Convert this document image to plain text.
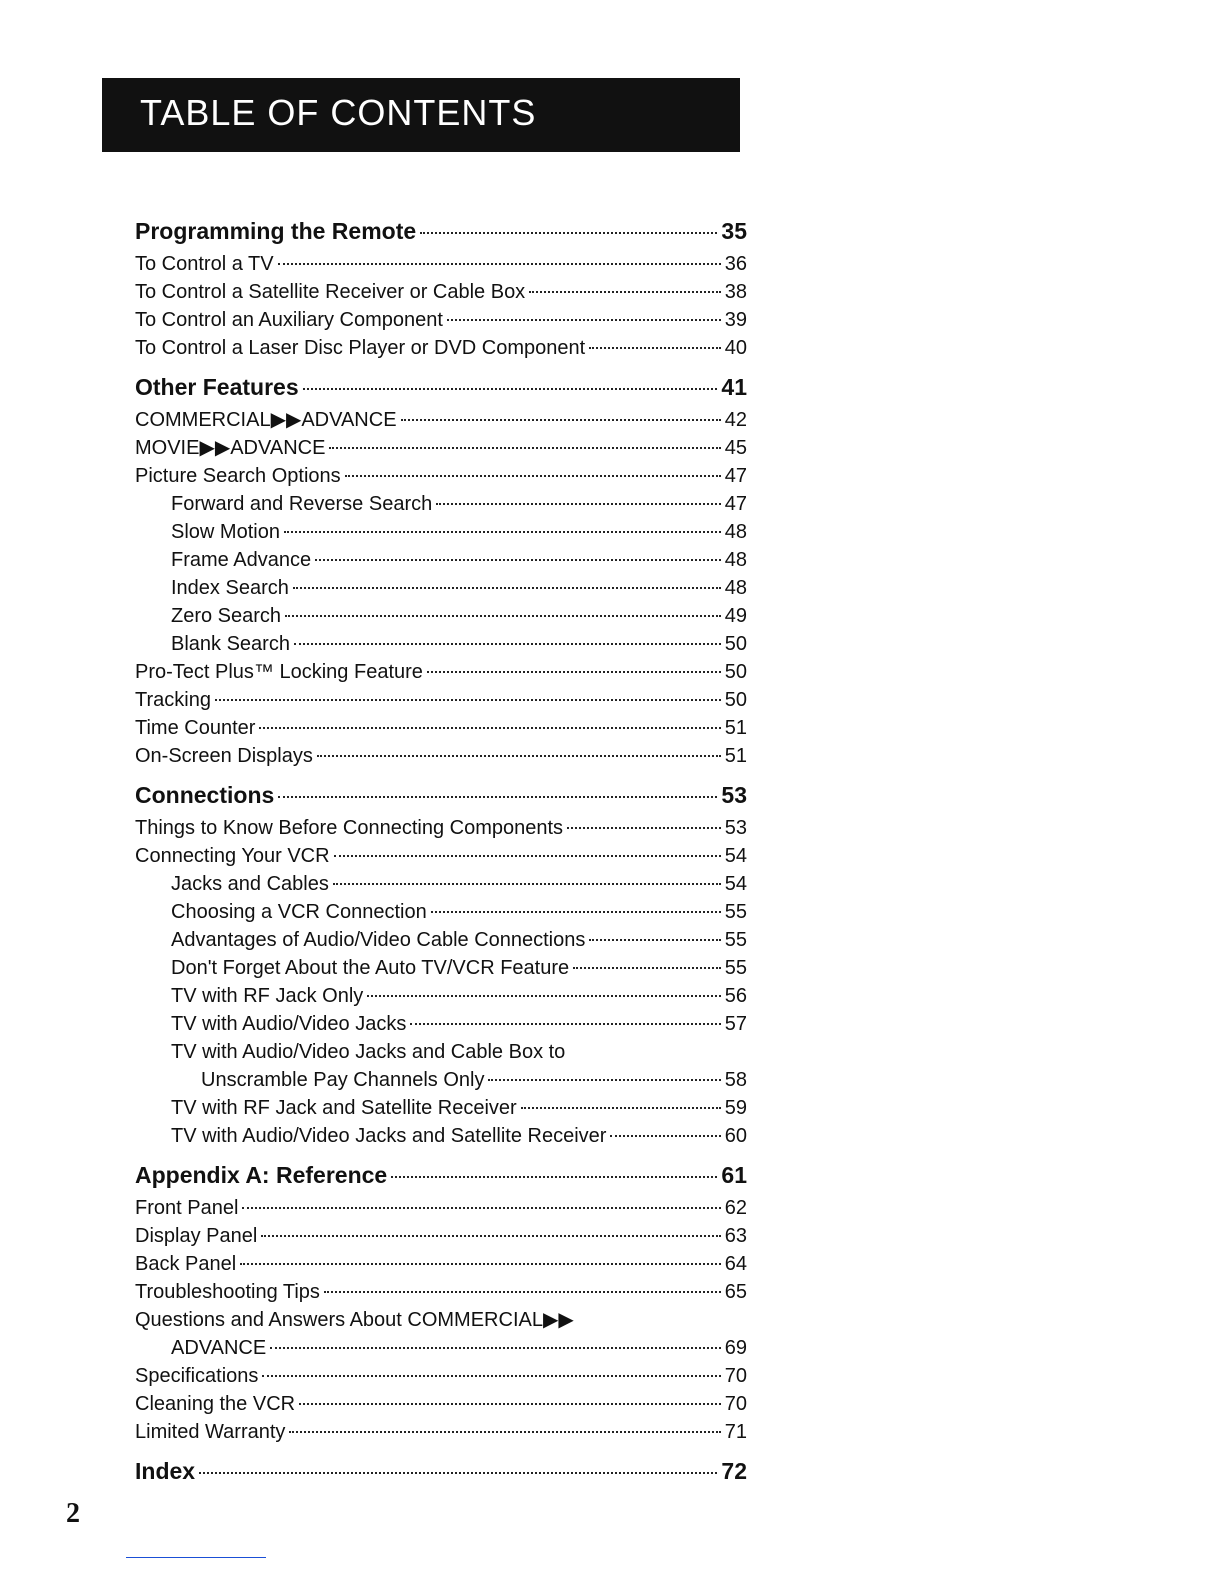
TABLE OF CONTENTS
Programming the Remote	35
To Control a TV	36
To Control a Satellite Receiver or Cable Box	38
To Control an Auxiliary Component	39
To Control a Laser Disc Player or DVD Component	40
Other Features	41
COMMERCIAL▶▶ADVANCE	42
MOVIE▶▶ADVANCE	45
Picture Search Options	47
Forward and Reverse Search	47
Slow Motion	48
Frame Advance	48
Index Search	48
Zero Search	49
Blank Search	50
Pro-Tect Plus™ Locking Feature	50
Tracking	50
Time Counter	51
On-Screen Displays	51
Connections	53
Things to Know Before Connecting Components	53
Connecting Your VCR	54
Jacks and Cables	54
Choosing a VCR Connection	55
Advantages of Audio/Video Cable Connections	55
Don't Forget About the Auto TV/VCR Feature	55
TV with RF Jack Only	56
TV with Audio/Video Jacks	57
TV with Audio/Video Jacks and Cable Box to
Unscramble Pay Channels Only	58
TV with RF Jack and Satellite Receiver	59
TV with Audio/Video Jacks and Satellite Receiver	60
Appendix A: Reference	61
Front Panel	62
Display Panel	63
Back Panel	64
Troubleshooting Tips	65
Questions and Answers About COMMERCIAL▶▶
ADVANCE	69
Specifications	70
Cleaning the VCR	70
Limited Warranty	71
Index	72
2
